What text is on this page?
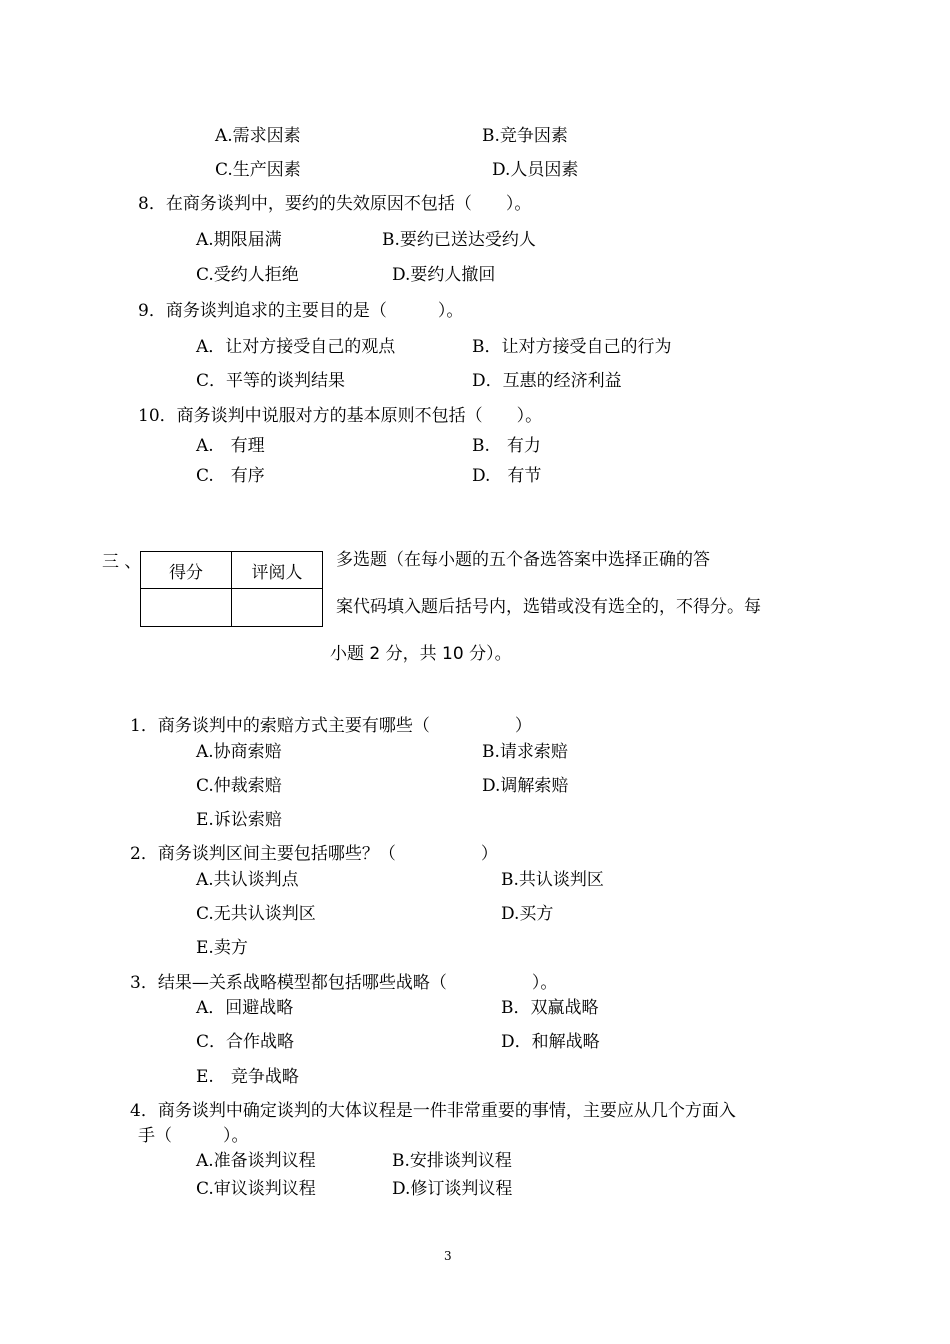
A.需求因素	B.竞争因素
C.生产因素	D.人员因素
8．在商务谈判中，要约的失效原因不包括（　　）。
A.期限届满	B.要约已送达受约人
C.受约人拒绝	D.要约人撤回
9．商务谈判追求的主要目的是（　　　）。
A．让对方接受自己的观点	B．让对方接受自己的行为
C．平等的谈判结果	D．互惠的经济利益
10．商务谈判中说服对方的基本原则不包括（　　）。
A.　有理	B.　有力
C.　有序	D.　有节
三 、
得分	评阅人

多选题（在每小题的五个备选答案中选择正确的答
案代码填入题后括号内，选错或没有选全的，不得分。每
小题 2 分，共 10 分）。
1．商务谈判中的索赔方式主要有哪些（　　　　　）
A.协商索赔	B.请求索赔
C.仲裁索赔	D.调解索赔
E.诉讼索赔
2．商务谈判区间主要包括哪些？（　　　　　）
A.共认谈判点	B.共认谈判区
C.无共认谈判区	D.买方
E.卖方
3．结果—关系战略模型都包括哪些战略（　　　　　）。
A．回避战略	B．双赢战略
C．合作战略	D．和解战略
E.　竞争战略
4．商务谈判中确定谈判的大体议程是一件非常重要的事情，主要应从几个方面入
手（　　　）。
A.准备谈判议程	B.安排谈判议程
C.审议谈判议程	D.修订谈判议程
3
